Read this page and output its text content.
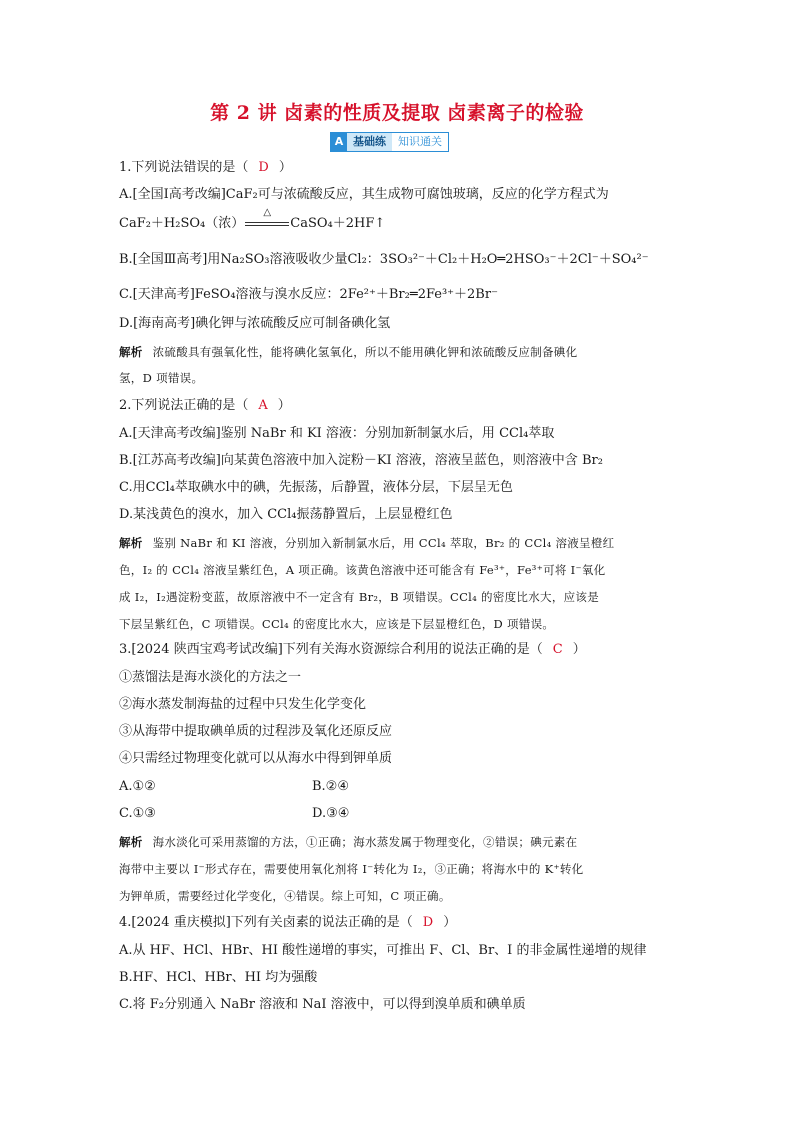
第 2 讲 卤素的性质及提取 卤素离子的检验
A 基础练	知识通关
1.下列说法错误的是（ D ）
A.[全国Ⅰ高考改编]CaF₂可与浓硫酸反应，其生成物可腐蚀玻璃，反应的化学方程式为
CaF₂＋H₂SO₄（浓）
△
CaSO₄＋2HF↑
B.[全国Ⅲ高考]用Na₂SO₃溶液吸收少量Cl₂：3SO₃²⁻＋Cl₂＋H₂O═2HSO₃⁻＋2Cl⁻＋SO₄²⁻
C.[天津高考]FeSO₄溶液与溴水反应：2Fe²⁺＋Br₂═2Fe³⁺＋2Br⁻
D.[海南高考]碘化钾与浓硫酸反应可制备碘化氢
解析 浓硫酸具有强氧化性，能将碘化氢氧化，所以不能用碘化钾和浓硫酸反应制备碘化
氢，D 项错误。
2.下列说法正确的是（ A ）
A.[天津高考改编]鉴别 NaBr 和 KI 溶液：分别加新制氯水后，用 CCl₄萃取
B.[江苏高考改编]向某黄色溶液中加入淀粉－KI 溶液，溶液呈蓝色，则溶液中含 Br₂
C.用CCl₄萃取碘水中的碘，先振荡，后静置，液体分层，下层呈无色
D.某浅黄色的溴水，加入 CCl₄振荡静置后，上层显橙红色
解析 鉴别 NaBr 和 KI 溶液，分别加入新制氯水后，用 CCl₄ 萃取，Br₂ 的 CCl₄ 溶液呈橙红
色，I₂ 的 CCl₄ 溶液呈紫红色，A 项正确。该黄色溶液中还可能含有 Fe³⁺，Fe³⁺可将 I⁻氧化
成 I₂，I₂遇淀粉变蓝，故原溶液中不一定含有 Br₂，B 项错误。CCl₄ 的密度比水大，应该是
下层呈紫红色，C 项错误。CCl₄ 的密度比水大，应该是下层显橙红色，D 项错误。
3.[2024 陕西宝鸡考试改编]下列有关海水资源综合利用的说法正确的是（ C ）
①蒸馏法是海水淡化的方法之一
②海水蒸发制海盐的过程中只发生化学变化
③从海带中提取碘单质的过程涉及氧化还原反应
④只需经过物理变化就可以从海水中得到钾单质
A.①②	B.②④
C.①③	D.③④
解析 海水淡化可采用蒸馏的方法，①正确；海水蒸发属于物理变化，②错误；碘元素在
海带中主要以 I⁻形式存在，需要使用氧化剂将 I⁻转化为 I₂，③正确；将海水中的 K⁺转化
为钾单质，需要经过化学变化，④错误。综上可知，C 项正确。
4.[2024 重庆模拟]下列有关卤素的说法正确的是（ D ）
A.从 HF、HCl、HBr、HI 酸性递增的事实，可推出 F、Cl、Br、I 的非金属性递增的规律
B.HF、HCl、HBr、HI 均为强酸
C.将 F₂分别通入 NaBr 溶液和 NaI 溶液中，可以得到溴单质和碘单质
